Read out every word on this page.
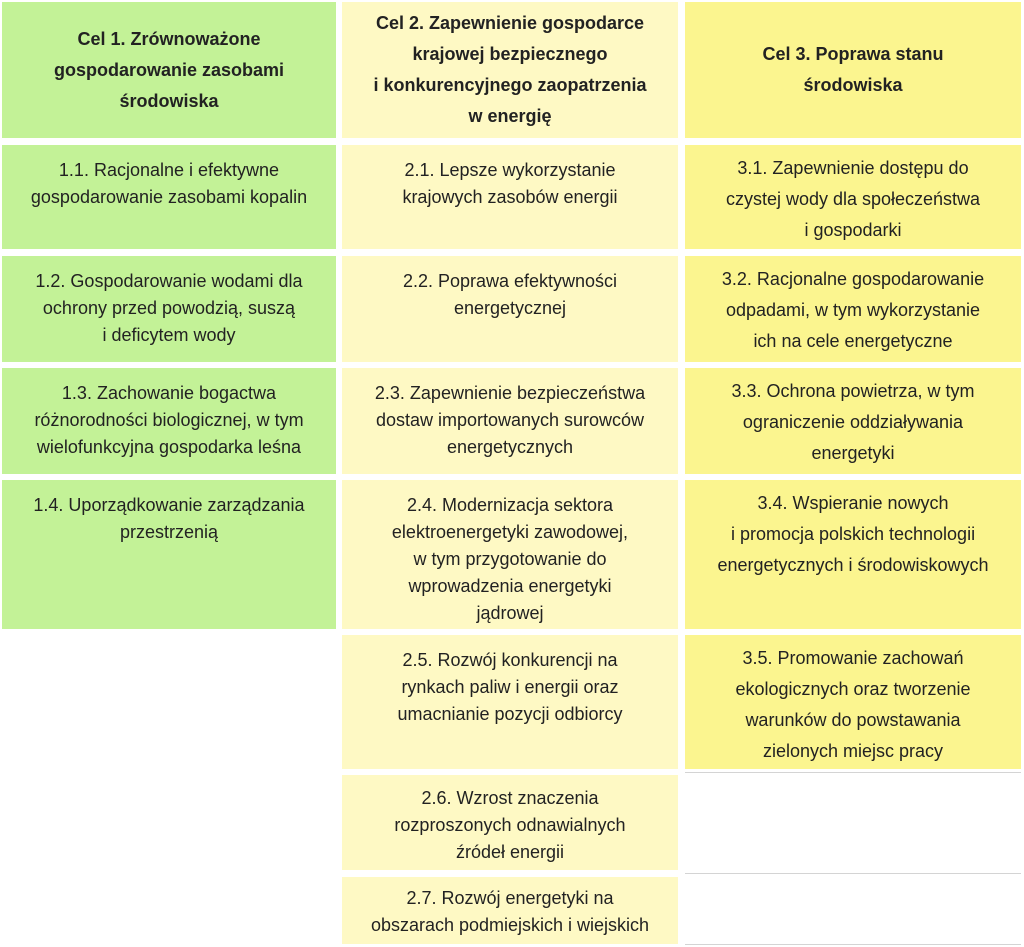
Cel 1. Zrównoważone
gospodarowanie zasobami
środowiska
Cel 2. Zapewnienie gospodarce
krajowej bezpiecznego
i konkurencyjnego zaopatrzenia
w energię
Cel 3. Poprawa stanu
środowiska
1.1. Racjonalne i efektywne
gospodarowanie zasobami kopalin
1.2. Gospodarowanie wodami dla
ochrony przed powodzią, suszą
i deficytem wody
1.3. Zachowanie bogactwa
różnorodności biologicznej, w tym
wielofunkcyjna gospodarka leśna
1.4. Uporządkowanie zarządzania
przestrzenią
2.1. Lepsze wykorzystanie
krajowych zasobów energii
2.2. Poprawa efektywności
energetycznej
2.3. Zapewnienie bezpieczeństwa
dostaw importowanych surowców
energetycznych
2.4. Modernizacja sektora
elektroenergetyki zawodowej,
w tym przygotowanie do
wprowadzenia energetyki
jądrowej
2.5. Rozwój konkurencji na
rynkach paliw i energii oraz
umacnianie pozycji odbiorcy
2.6. Wzrost znaczenia
rozproszonych odnawialnych
źródeł energii
2.7. Rozwój energetyki na
obszarach podmiejskich i wiejskich
3.1. Zapewnienie dostępu do
czystej wody dla społeczeństwa
i gospodarki
3.2. Racjonalne gospodarowanie
odpadami, w tym wykorzystanie
ich na cele energetyczne
3.3. Ochrona powietrza, w tym
ograniczenie oddziaływania
energetyki
3.4. Wspieranie nowych
i promocja polskich technologii
energetycznych i środowiskowych
3.5. Promowanie zachowań
ekologicznych oraz tworzenie
warunków do powstawania
zielonych miejsc pracy
